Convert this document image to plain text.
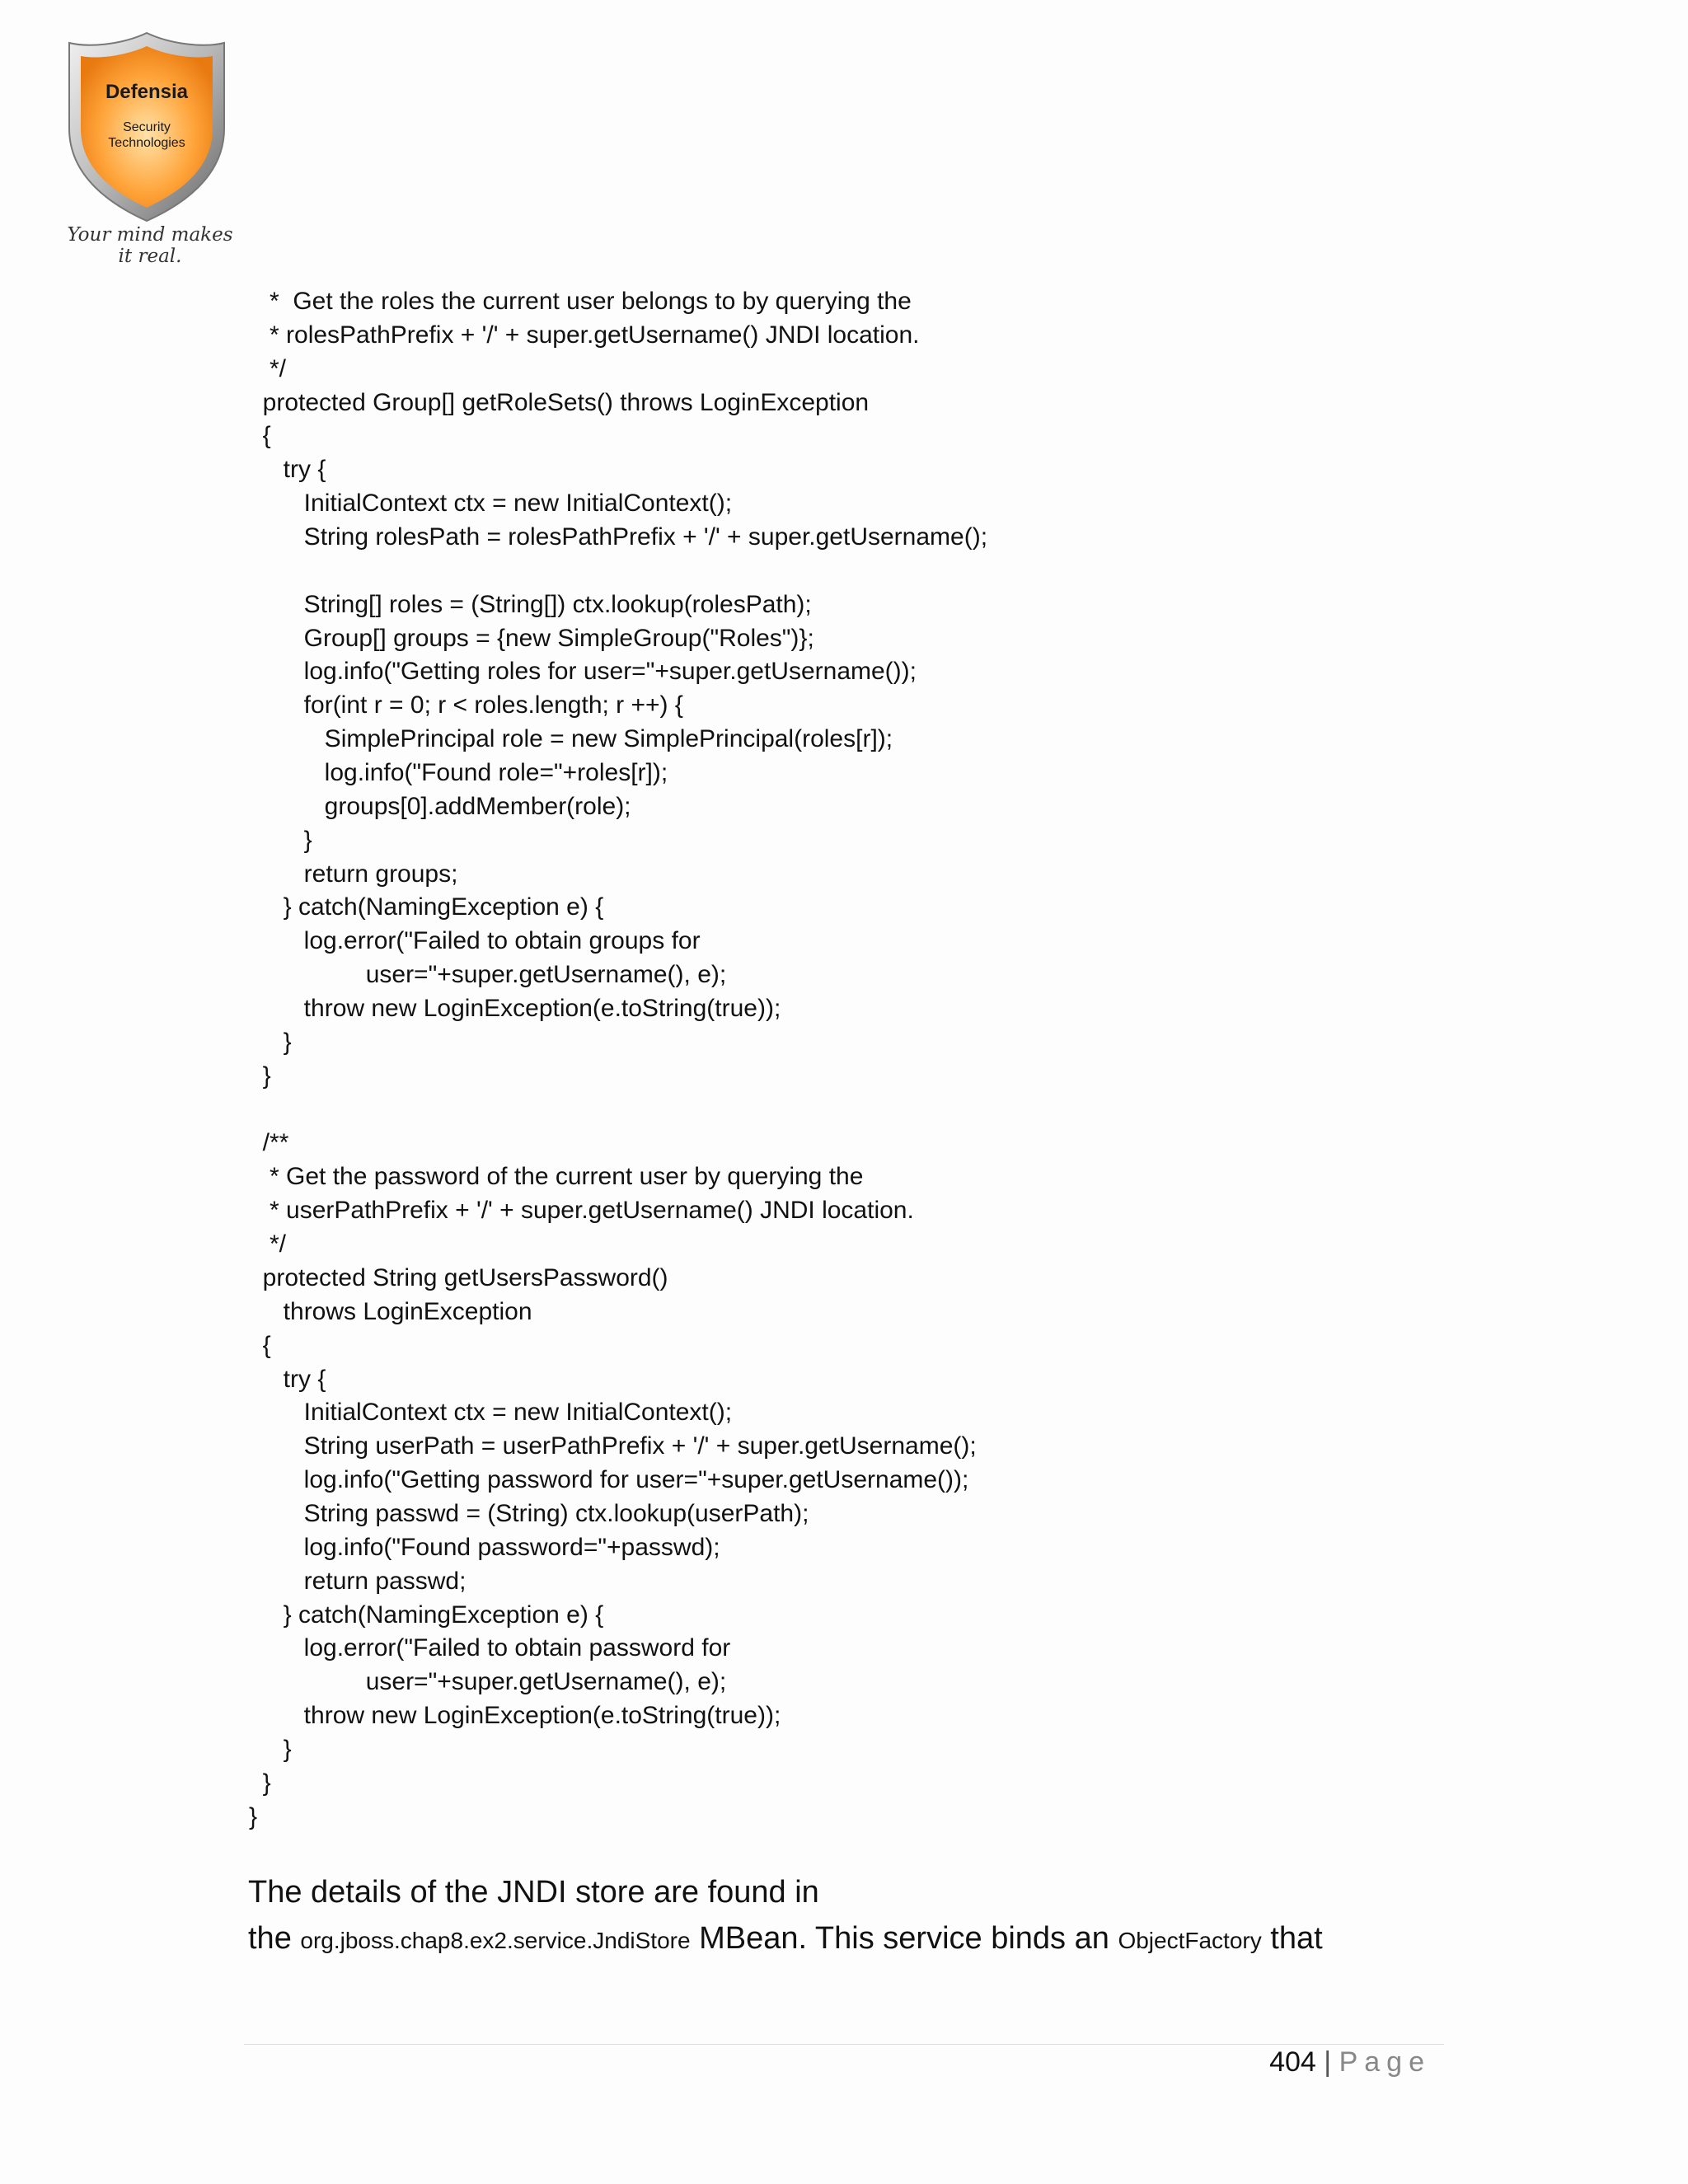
Defensia
Security
Technologies
Your mind makes it real.
*  Get the roles the current user belongs to by querying the
* rolesPathPrefix + '/' + super.getUsername() JNDI location.
*/
protected Group[] getRoleSets() throws LoginException
{
try {
InitialContext ctx = new InitialContext();
String rolesPath = rolesPathPrefix + '/' + super.getUsername();
String[] roles = (String[]) ctx.lookup(rolesPath);
Group[] groups = {new SimpleGroup("Roles")};
log.info("Getting roles for user="+super.getUsername());
for(int r = 0; r < roles.length; r ++) {
SimplePrincipal role = new SimplePrincipal(roles[r]);
log.info("Found role="+roles[r]);
groups[0].addMember(role);
}
return groups;
} catch(NamingException e) {
log.error("Failed to obtain groups for
user="+super.getUsername(), e);
throw new LoginException(e.toString(true));
}
}
/**
* Get the password of the current user by querying the
* userPathPrefix + '/' + super.getUsername() JNDI location.
*/
protected String getUsersPassword()
throws LoginException
{
try {
InitialContext ctx = new InitialContext();
String userPath = userPathPrefix + '/' + super.getUsername();
log.info("Getting password for user="+super.getUsername());
String passwd = (String) ctx.lookup(userPath);
log.info("Found password="+passwd);
return passwd;
} catch(NamingException e) {
log.error("Failed to obtain password for
user="+super.getUsername(), e);
throw new LoginException(e.toString(true));
}
}
}
The details of the JNDI store are found in
the org.jboss.chap8.ex2.service.JndiStore MBean. This service binds an ObjectFactory that
404 | Page
